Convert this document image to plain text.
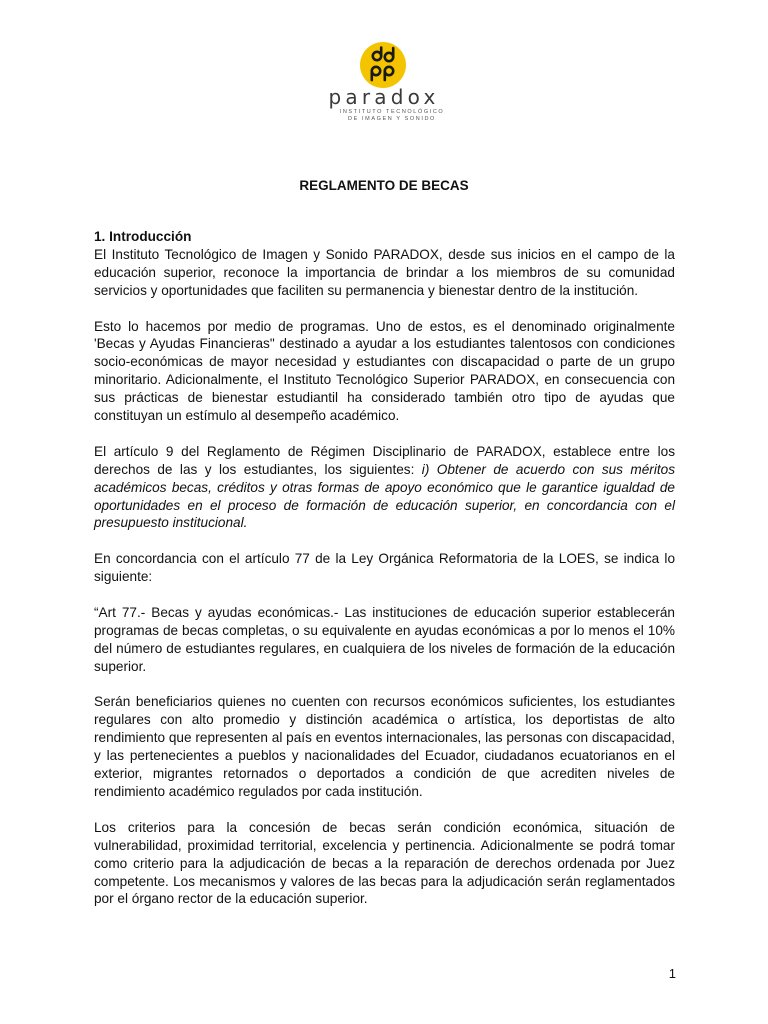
paradox
INSTITUTO TECNOLÓGICO
DE IMAGEN Y SONIDO
REGLAMENTO DE BECAS
1. Introducción

El Instituto Tecnológico de Imagen y Sonido PARADOX, desde sus inicios en el campo de la educación superior, reconoce la importancia de brindar a los miembros de su comunidad servicios y oportunidades que faciliten su permanencia y bienestar dentro de la institución.

Esto lo hacemos por medio de programas. Uno de estos, es el denominado originalmente 'Becas y Ayudas Financieras" destinado a ayudar a los estudiantes talentosos con condiciones socio-económicas de mayor necesidad y estudiantes con discapacidad o parte de un grupo minoritario. Adicionalmente, el Instituto Tecnológico Superior PARADOX, en consecuencia con sus prácticas de bienestar estudiantil ha considerado también otro tipo de ayudas que constituyan un estímulo al desempeño académico.

El artículo 9 del Reglamento de Régimen Disciplinario de PARADOX, establece entre los derechos de las y los estudiantes, los siguientes: i) Obtener de acuerdo con sus méritos académicos becas, créditos y otras formas de apoyo económico que le garantice igualdad de oportunidades en el proceso de formación de educación superior, en concordancia con el presupuesto institucional.

En concordancia con el artículo 77 de la Ley Orgánica Reformatoria de la LOES, se indica lo siguiente:

“Art 77.- Becas y ayudas económicas.- Las instituciones de educación superior establecerán programas de becas completas, o su equivalente en ayudas económicas a por lo menos el 10% del número de estudiantes regulares, en cualquiera de los niveles de formación de la educación superior.

Serán beneficiarios quienes no cuenten con recursos económicos suficientes, los estudiantes regulares con alto promedio y distinción académica o artística, los deportistas de alto rendimiento que representen al país en eventos internacionales, las personas con discapacidad, y las pertenecientes a pueblos y nacionalidades del Ecuador, ciudadanos ecuatorianos en el exterior, migrantes retornados o deportados a condición de que acrediten niveles de rendimiento académico regulados por cada institución.

Los criterios para la concesión de becas serán condición económica, situación de vulnerabilidad, proximidad territorial, excelencia y pertinencia. Adicionalmente se podrá tomar como criterio para la adjudicación de becas a la reparación de derechos ordenada por Juez competente. Los mecanismos y valores de las becas para la adjudicación serán reglamentados por el órgano rector de la educación superior.

1
